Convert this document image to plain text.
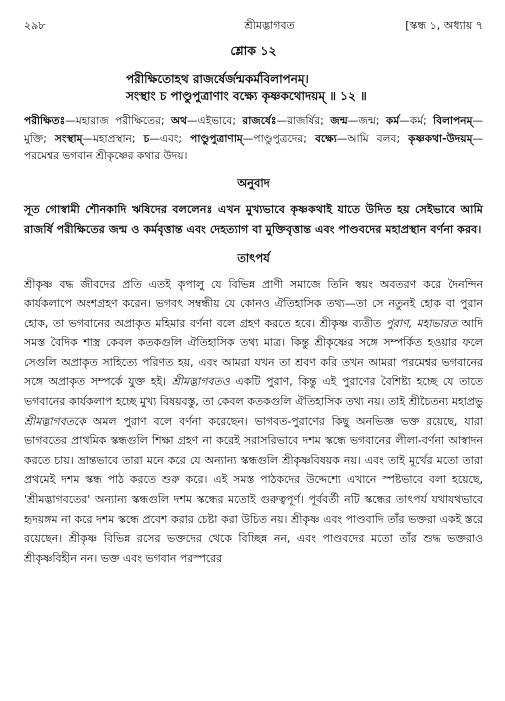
২৯৮	শ্রীমদ্ভাগবত	[স্কন্ধ ১, অধ্যায় ৭
শ্লোক ১২
পরীক্ষিতোহথ রাজর্ষের্জন্মকর্মবিলাপনম্।
সংস্থাং চ পাণ্ডুপুত্রাণাং বক্ষ্যে কৃষ্ণকথোদয়ম্ ॥ ১২ ॥
পরীক্ষিতঃ—মহারাজ পরীক্ষিতের; অথ—এইভাবে; রাজর্ষেঃ—রাজর্ষির; জন্ম—জন্ম; কর্ম—কর্ম; বিলাপনম্—মুক্তি; সংস্থাম্—মহাপ্রস্থান; চ—এবং; পাণ্ডুপুত্রাণাম্—পাণ্ডুপুত্রদের; বক্ষ্যে—আমি বলব; কৃষ্ণকথা-উদয়ম্—পরমেশ্বর ভগবান শ্রীকৃষ্ণের কথার উদয়।
অনুবাদ
সূত গোস্বামী শৌনকাদি ঋষিদের বললেনঃ এখন মুখ্যভাবে কৃষ্ণকথাই যাতে উদিত হয় সেইভাবে আমি রাজর্ষি পরীক্ষিতের জন্ম ও কর্মবৃত্তান্ত এবং দেহত্যাগ বা মুক্তিবৃত্তান্ত এবং পাণ্ডবদের মহাপ্রস্থান বর্ণনা করব।
তাৎপর্য
শ্রীকৃষ্ণ বদ্ধ জীবদের প্রতি এতই কৃপালু যে বিভিন্ন প্রাণী সমাজে তিনি স্বয়ং অবতরণ করে দৈনন্দিন কার্যকলাপে অংশগ্রহণ করেন। ভগবৎ সম্বন্ধীয় যে কোনও ঐতিহাসিক তথ্য—তা সে নতুনই হোক বা পুরান হোক, তা ভগবানের অপ্রাকৃত মহিমার বর্ণনা বলে গ্রহণ করতে হবে। শ্রীকৃষ্ণ ব্যতীত পুরাণ, মহাভারত আদি সমস্ত বৈদিক শাস্ত্র কেবল কতকগুলি ঐতিহাসিক তথ্য মাত্র। কিন্তু শ্রীকৃষ্ণের সঙ্গে সম্পর্কিত হওয়ার ফলে সেগুলি অপ্রাকৃত সাহিত্যে পরিণত হয়, এবং আমরা যখন তা শ্রবণ করি তখন আমরা পরমেশ্বর ভগবানের সঙ্গে অপ্রাকৃত সম্পর্কে যুক্ত হই। শ্রীমদ্ভাগবতও একটি পুরাণ, কিন্তু এই পুরাণের বৈশিষ্ট্য হচ্ছে যে তাতে ভগবানের কার্যকলাপ হচ্ছে মুখ্য বিষয়বস্তু, তা কেবল কতকগুলি ঐতিহাসিক তথ্য নয়। তাই শ্রীচৈতন্য মহাপ্রভু শ্রীমদ্ভাগবতকে অমল পুরাণ বলে বর্ণনা করেছেন। ভাগবত-পুরাণের কিছু অনভিজ্ঞ ভক্ত রয়েছে, যারা ভাগবতের প্রাথমিক স্কন্ধগুলি শিক্ষা গ্রহণ না করেই সরাসরিভাবে দশম স্কন্ধে ভগবানের লীলা-বর্ণনা আস্বাদন করতে চায়। ভ্রান্তভাবে তারা মনে করে যে অন্যান্য স্কন্ধগুলি শ্রীকৃষ্ণবিষয়ক নয়। এবং তাই মূর্খের মতো তারা প্রথমেই দশম স্কন্ধ পাঠ করতে শুরু করে। এই সমস্ত পাঠকদের উদ্দেশ্যে এখানে স্পষ্টভাবে বলা হয়েছে, 'শ্রীমদ্ভাগবতের' অন্যান্য স্কন্ধগুলি দশম স্কন্ধের মতোই গুরুত্বপূর্ণ। পূর্ববর্তী নটি স্কন্ধের তাৎপর্য যথাযথভাবে হৃদয়ঙ্গম না করে দশম স্কন্ধে প্রবেশ করার চেষ্টা করা উচিত নয়। শ্রীকৃষ্ণ এবং পাণ্ডবাদি তাঁর ভক্তরা একই স্তরে রয়েছেন। শ্রীকৃষ্ণ বিভিন্ন রসের ভক্তদের থেকে বিচ্ছিন্ন নন, এবং পাণ্ডবদের মতো তাঁর শুদ্ধ ভক্তরাও শ্রীকৃষ্ণবিহীন নন। ভক্ত এবং ভগবান পরস্পরের
